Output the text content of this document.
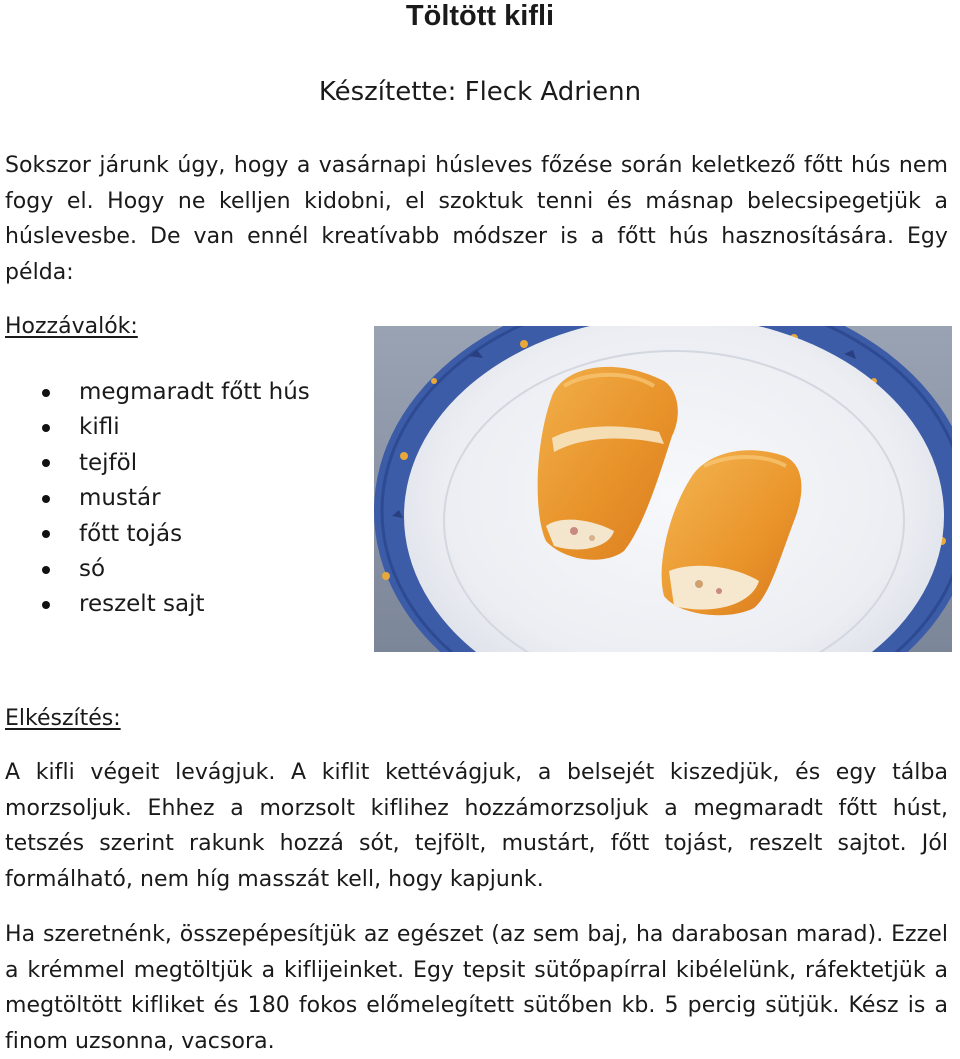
Töltött kifli
Készítette: Fleck Adrienn

Sokszor járunk úgy, hogy a vasárnapi húsleves főzése során keletkező főtt hús nem fogy el. Hogy ne kelljen kidobni, el szoktuk tenni és másnap belecsipegetjük a húslevesbe. De van ennél kreatívabb módszer is a főtt hús hasznosítására. Egy példa:

Hozzávalók:
megmaradt főtt hús
kifli
tejföl
mustár
főtt tojás
só
reszelt sajt
Elkészítés:

A kifli végeit levágjuk. A kiflit kettévágjuk, a belsejét kiszedjük, és egy tálba morzsoljuk. Ehhez a morzsolt kiflihez hozzámorzsoljuk a megmaradt főtt húst, tetszés szerint rakunk hozzá sót, tejfölt, mustárt, főtt tojást, reszelt sajtot. Jól formálható, nem híg masszát kell, hogy kapjunk.

Ha szeretnénk, összepépesítjük az egészet (az sem baj, ha darabosan marad). Ezzel a krémmel megtöltjük a kiflijeinket. Egy tepsit sütőpapírral kibélelünk, ráfektetjük a megtöltött kifliket és 180 fokos előmelegített sütőben kb. 5 percig sütjük. Kész is a finom uzsonna, vacsora.
